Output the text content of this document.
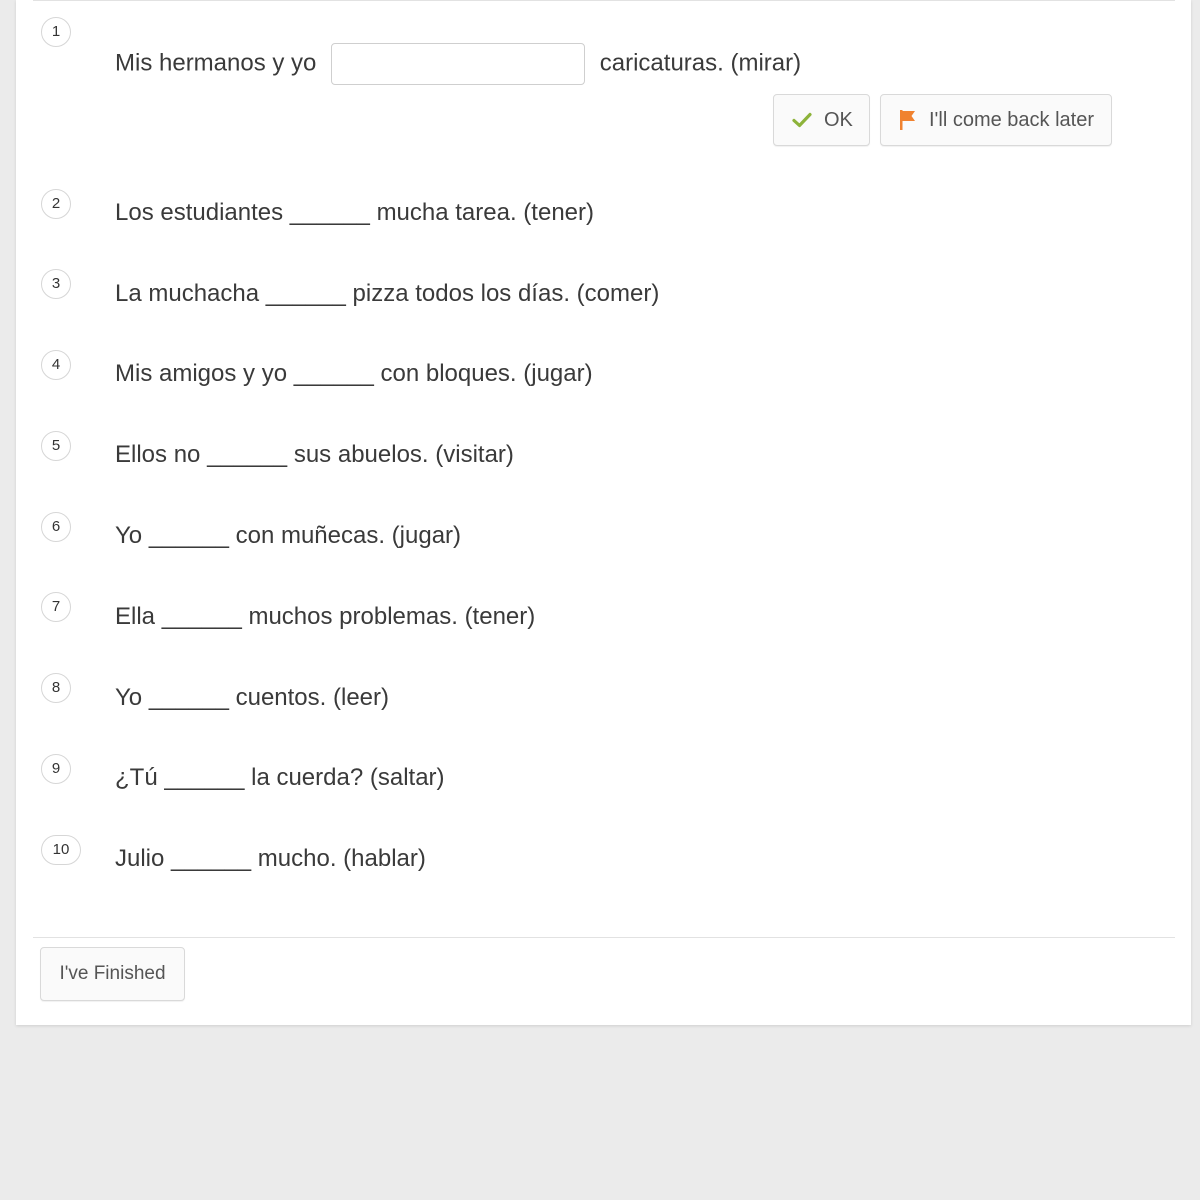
1
Mis hermanos y yo	caricaturas. (mirar)
OK	I'll come back later
2	Los estudiantes ______ mucha tarea. (tener)
3	La muchacha ______ pizza todos los días. (comer)
4	Mis amigos y yo ______ con bloques. (jugar)
5	Ellos no ______ sus abuelos. (visitar)
6	Yo ______ con muñecas. (jugar)
7	Ella ______ muchos problemas. (tener)
8	Yo ______ cuentos. (leer)
9	¿Tú ______ la cuerda? (saltar)
10	Julio ______ mucho. (hablar)
I've Finished
